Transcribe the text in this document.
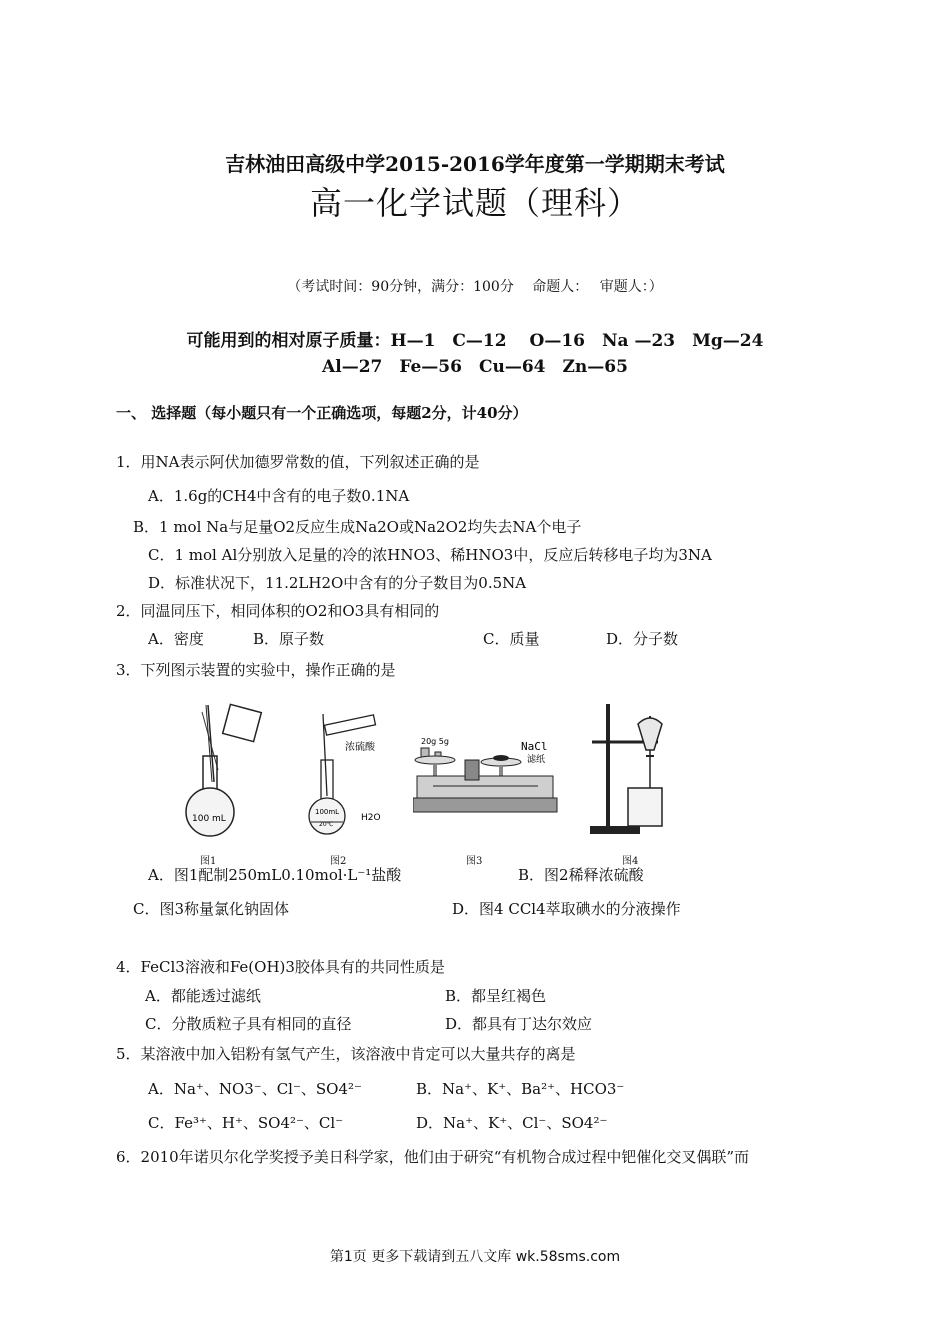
吉林油田高级中学2015-2016学年度第一学期期末考试
高一化学试题（理科）
（考试时间：90分钟，满分：100分　 命题人：　 审题人：）
可能用到的相对原子质量：H—1　C—12　 O—16　Na —23　Mg—24
Al—27　Fe—56　Cu—64　Zn—65
一、 选择题（每小题只有一个正确选项，每题2分，计40分）
1．用NA表示阿伏加德罗常数的值，下列叙述正确的是
A．1.6g的CH4中含有的电子数0.1NA
B．1 mol Na与足量O2反应生成Na2O或Na2O2均失去NA个电子
C．1 mol Al分别放入足量的冷的浓HNO3、稀HNO3中，反应后转移电子均为3NA
D．标准状况下，11.2LH2O中含有的分子数目为0.5NA
2．同温同压下，相同体积的O2和O3具有相同的
A．密度	B．原子数	C．质量	D．分子数
3．下列图示装置的实验中，操作正确的是
100 mL
图1
浓硫酸
100mL
20℃
H2O
图2
20g 5g	NaCl
滤纸
图3	图4
A．图1配制250mL0.10mol·L⁻¹盐酸	B．图2稀释浓硫酸
C．图3称量氯化钠固体	D．图4 CCl4萃取碘水的分液操作
4．FeCl3溶液和Fe(OH)3胶体具有的共同性质是
A．都能透过滤纸	B．都呈红褐色
C．分散质粒子具有相同的直径	D．都具有丁达尔效应
5．某溶液中加入铝粉有氢气产生，该溶液中肯定可以大量共存的离是
A．Na⁺、NO3⁻、Cl⁻、SO4²⁻	B．Na⁺、K⁺、Ba²⁺、HCO3⁻
C．Fe³⁺、H⁺、SO4²⁻、Cl⁻	D．Na⁺、K⁺、Cl⁻、SO4²⁻
6．2010年诺贝尔化学奖授予美日科学家，他们由于研究“有机物合成过程中钯催化交叉偶联”而
第1页 更多下载请到五八文库 wk.58sms.com
